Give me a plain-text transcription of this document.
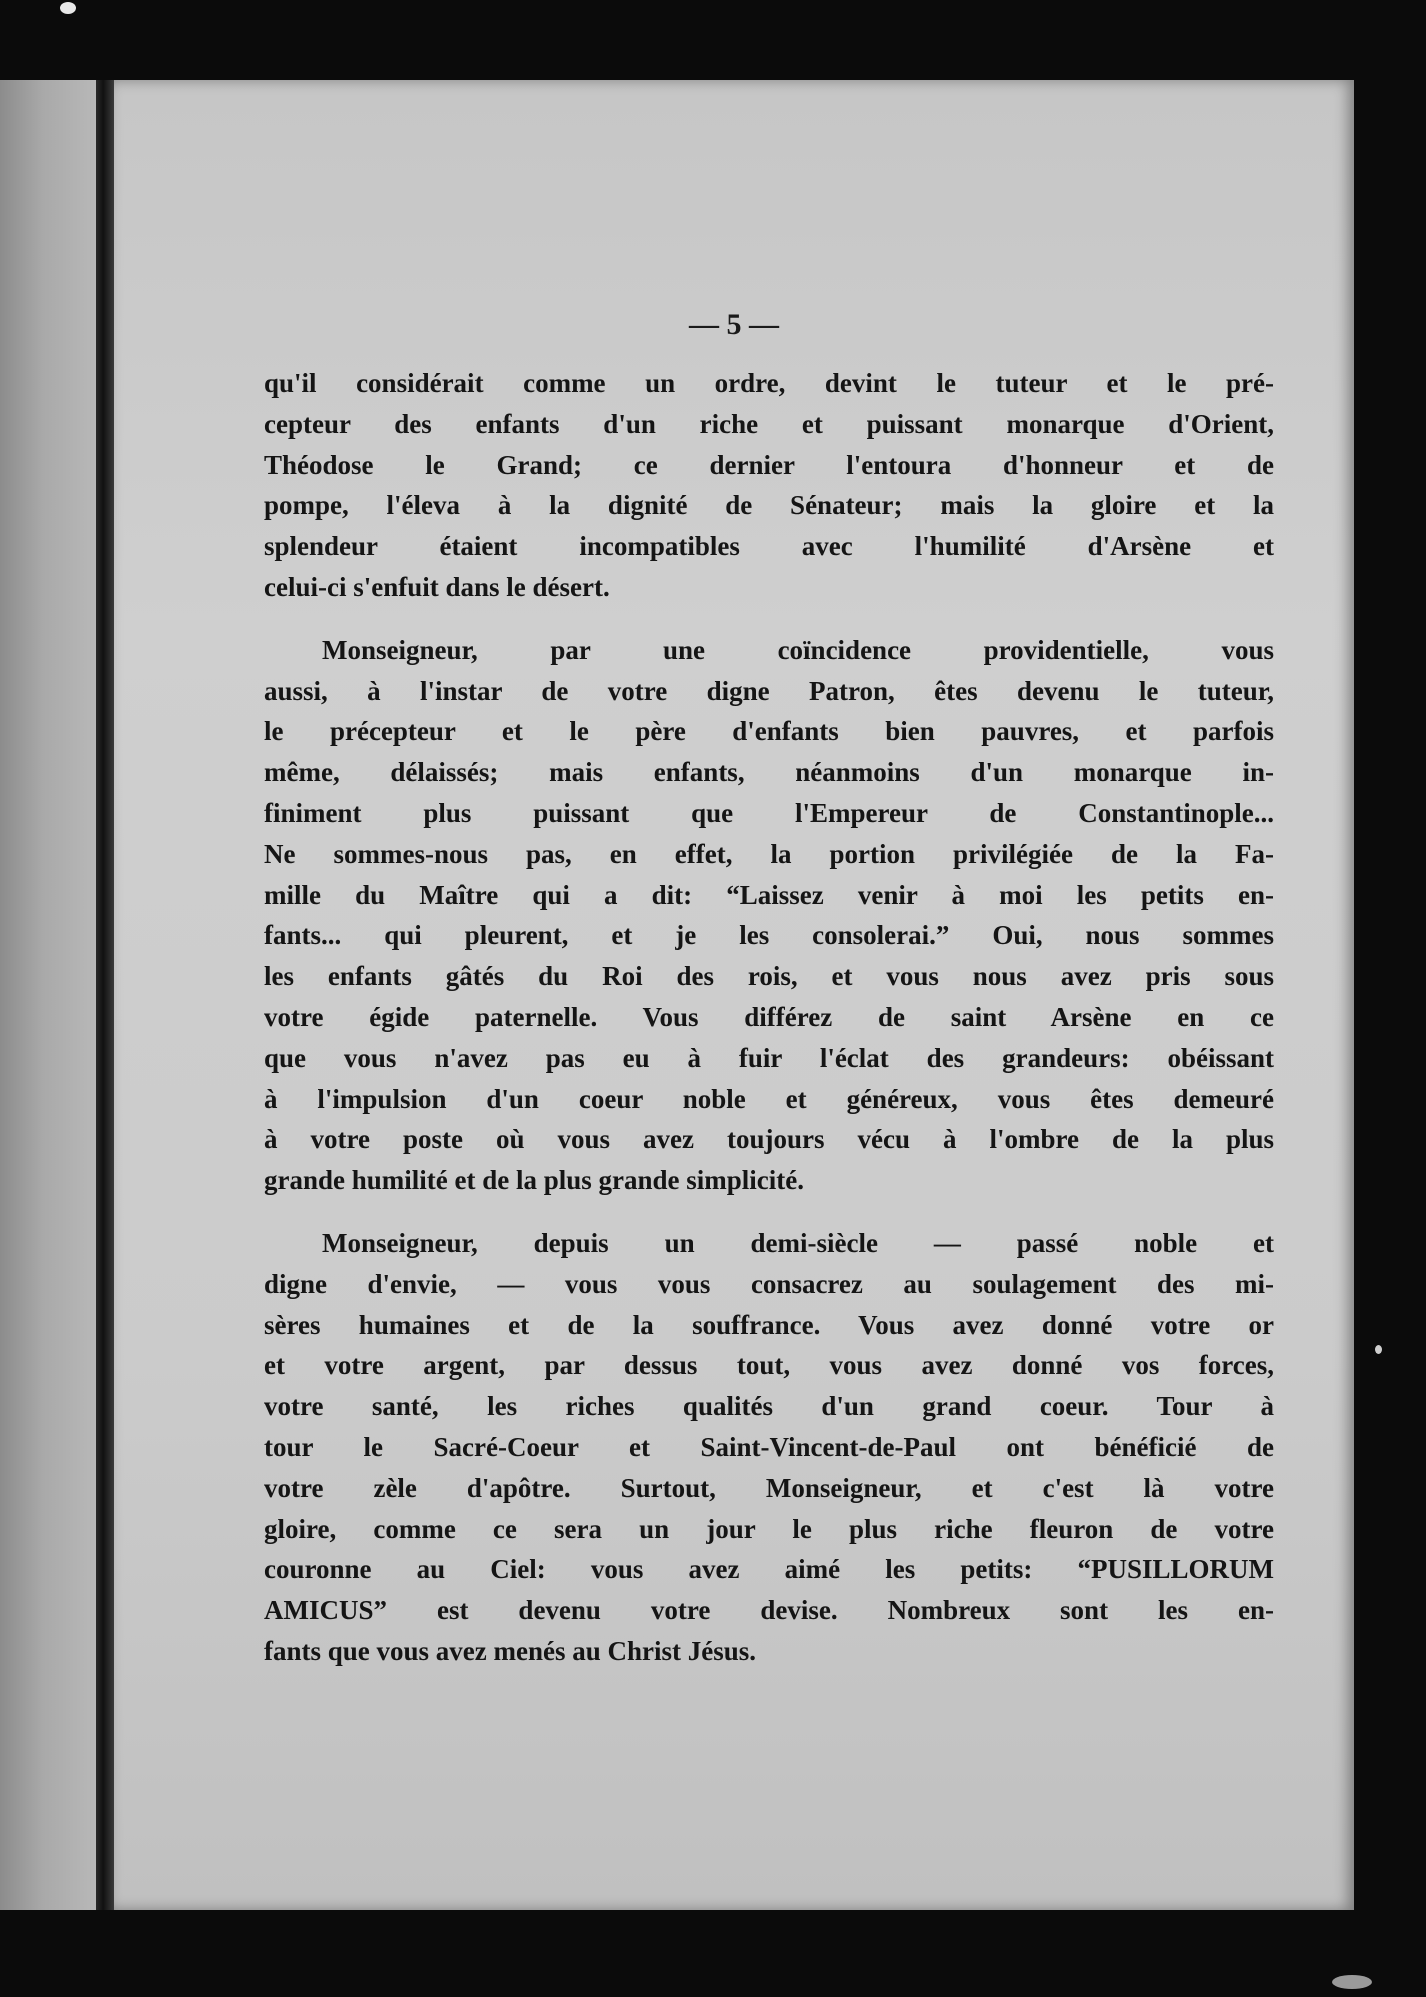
— 5 —
qu'il considérait comme un ordre, devint le tuteur et le pré-
cepteur des enfants d'un riche et puissant monarque d'Orient,
Théodose le Grand; ce dernier l'entoura d'honneur et de
pompe, l'éleva à la dignité de Sénateur; mais la gloire et la
splendeur étaient incompatibles avec l'humilité d'Arsène et
celui-ci s'enfuit dans le désert.
Monseigneur, par une coïncidence providentielle, vous
aussi, à l'instar de votre digne Patron, êtes devenu le tuteur,
le précepteur et le père d'enfants bien pauvres, et parfois
même, délaissés; mais enfants, néanmoins d'un monarque in-
finiment plus puissant que l'Empereur de Constantinople...
Ne sommes-nous pas, en effet, la portion privilégiée de la Fa-
mille du Maître qui a dit: “Laissez venir à moi les petits en-
fants... qui pleurent, et je les consolerai.” Oui, nous sommes
les enfants gâtés du Roi des rois, et vous nous avez pris sous
votre égide paternelle. Vous différez de saint Arsène en ce
que vous n'avez pas eu à fuir l'éclat des grandeurs: obéissant
à l'impulsion d'un coeur noble et généreux, vous êtes demeuré
à votre poste où vous avez toujours vécu à l'ombre de la plus
grande humilité et de la plus grande simplicité.
Monseigneur, depuis un demi-siècle — passé noble et
digne d'envie, — vous vous consacrez au soulagement des mi-
sères humaines et de la souffrance. Vous avez donné votre or
et votre argent, par dessus tout, vous avez donné vos forces,
votre santé, les riches qualités d'un grand coeur. Tour à
tour le Sacré-Coeur et Saint-Vincent-de-Paul ont bénéficié de
votre zèle d'apôtre. Surtout, Monseigneur, et c'est là votre
gloire, comme ce sera un jour le plus riche fleuron de votre
couronne au Ciel: vous avez aimé les petits: “PUSILLORUM
AMICUS” est devenu votre devise. Nombreux sont les en-
fants que vous avez menés au Christ Jésus.
